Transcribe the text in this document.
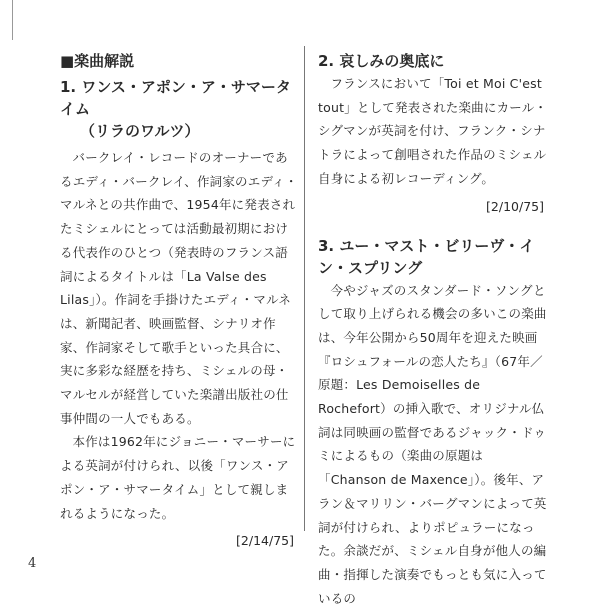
■楽曲解説

1. ワンス・アポン・ア・サマータイム

（リラのワルツ）

バークレイ・レコードのオーナーであるエディ・バークレイ、作詞家のエディ・マルネとの共作曲で、1954年に発表されたミシェルにとっては活動最初期における代表作のひとつ（発表時のフランス語詞によるタイトルは「La Valse des Lilas」）。作詞を手掛けたエディ・マルネは、新聞記者、映画監督、シナリオ作家、作詞家そして歌手といった具合に、実に多彩な経歴を持ち、ミシェルの母・マルセルが経営していた楽譜出版社の仕事仲間の一人でもある。

本作は1962年にジョニー・マーサーによる英詞が付けられ、以後「ワンス・アポン・ア・サマータイム」として親しまれるようになった。

[2/14/75]

2. 哀しみの奥底に

フランスにおいて「Toi et Moi C'est tout」として発表された楽曲にカール・シグマンが英詞を付け、フランク・シナトラによって創唱された作品のミシェル自身による初レコーディング。

[2/10/75]

3. ユー・マスト・ビリーヴ・イン・スプリング

今やジャズのスタンダード・ソングとして取り上げられる機会の多いこの楽曲は、今年公開から50周年を迎えた映画『ロシュフォールの恋人たち』（67年／原題：Les Demoiselles de Rochefort）の挿入歌で、オリジナル仏詞は同映画の監督であるジャック・ドゥミによるもの（楽曲の原題は「Chanson de Maxence」）。後年、アラン＆マリリン・バーグマンによって英詞が付けられ、よりポピュラーになった。余談だが、ミシェル自身が他人の編曲・指揮した演奏でもっとも気に入っているの

4
